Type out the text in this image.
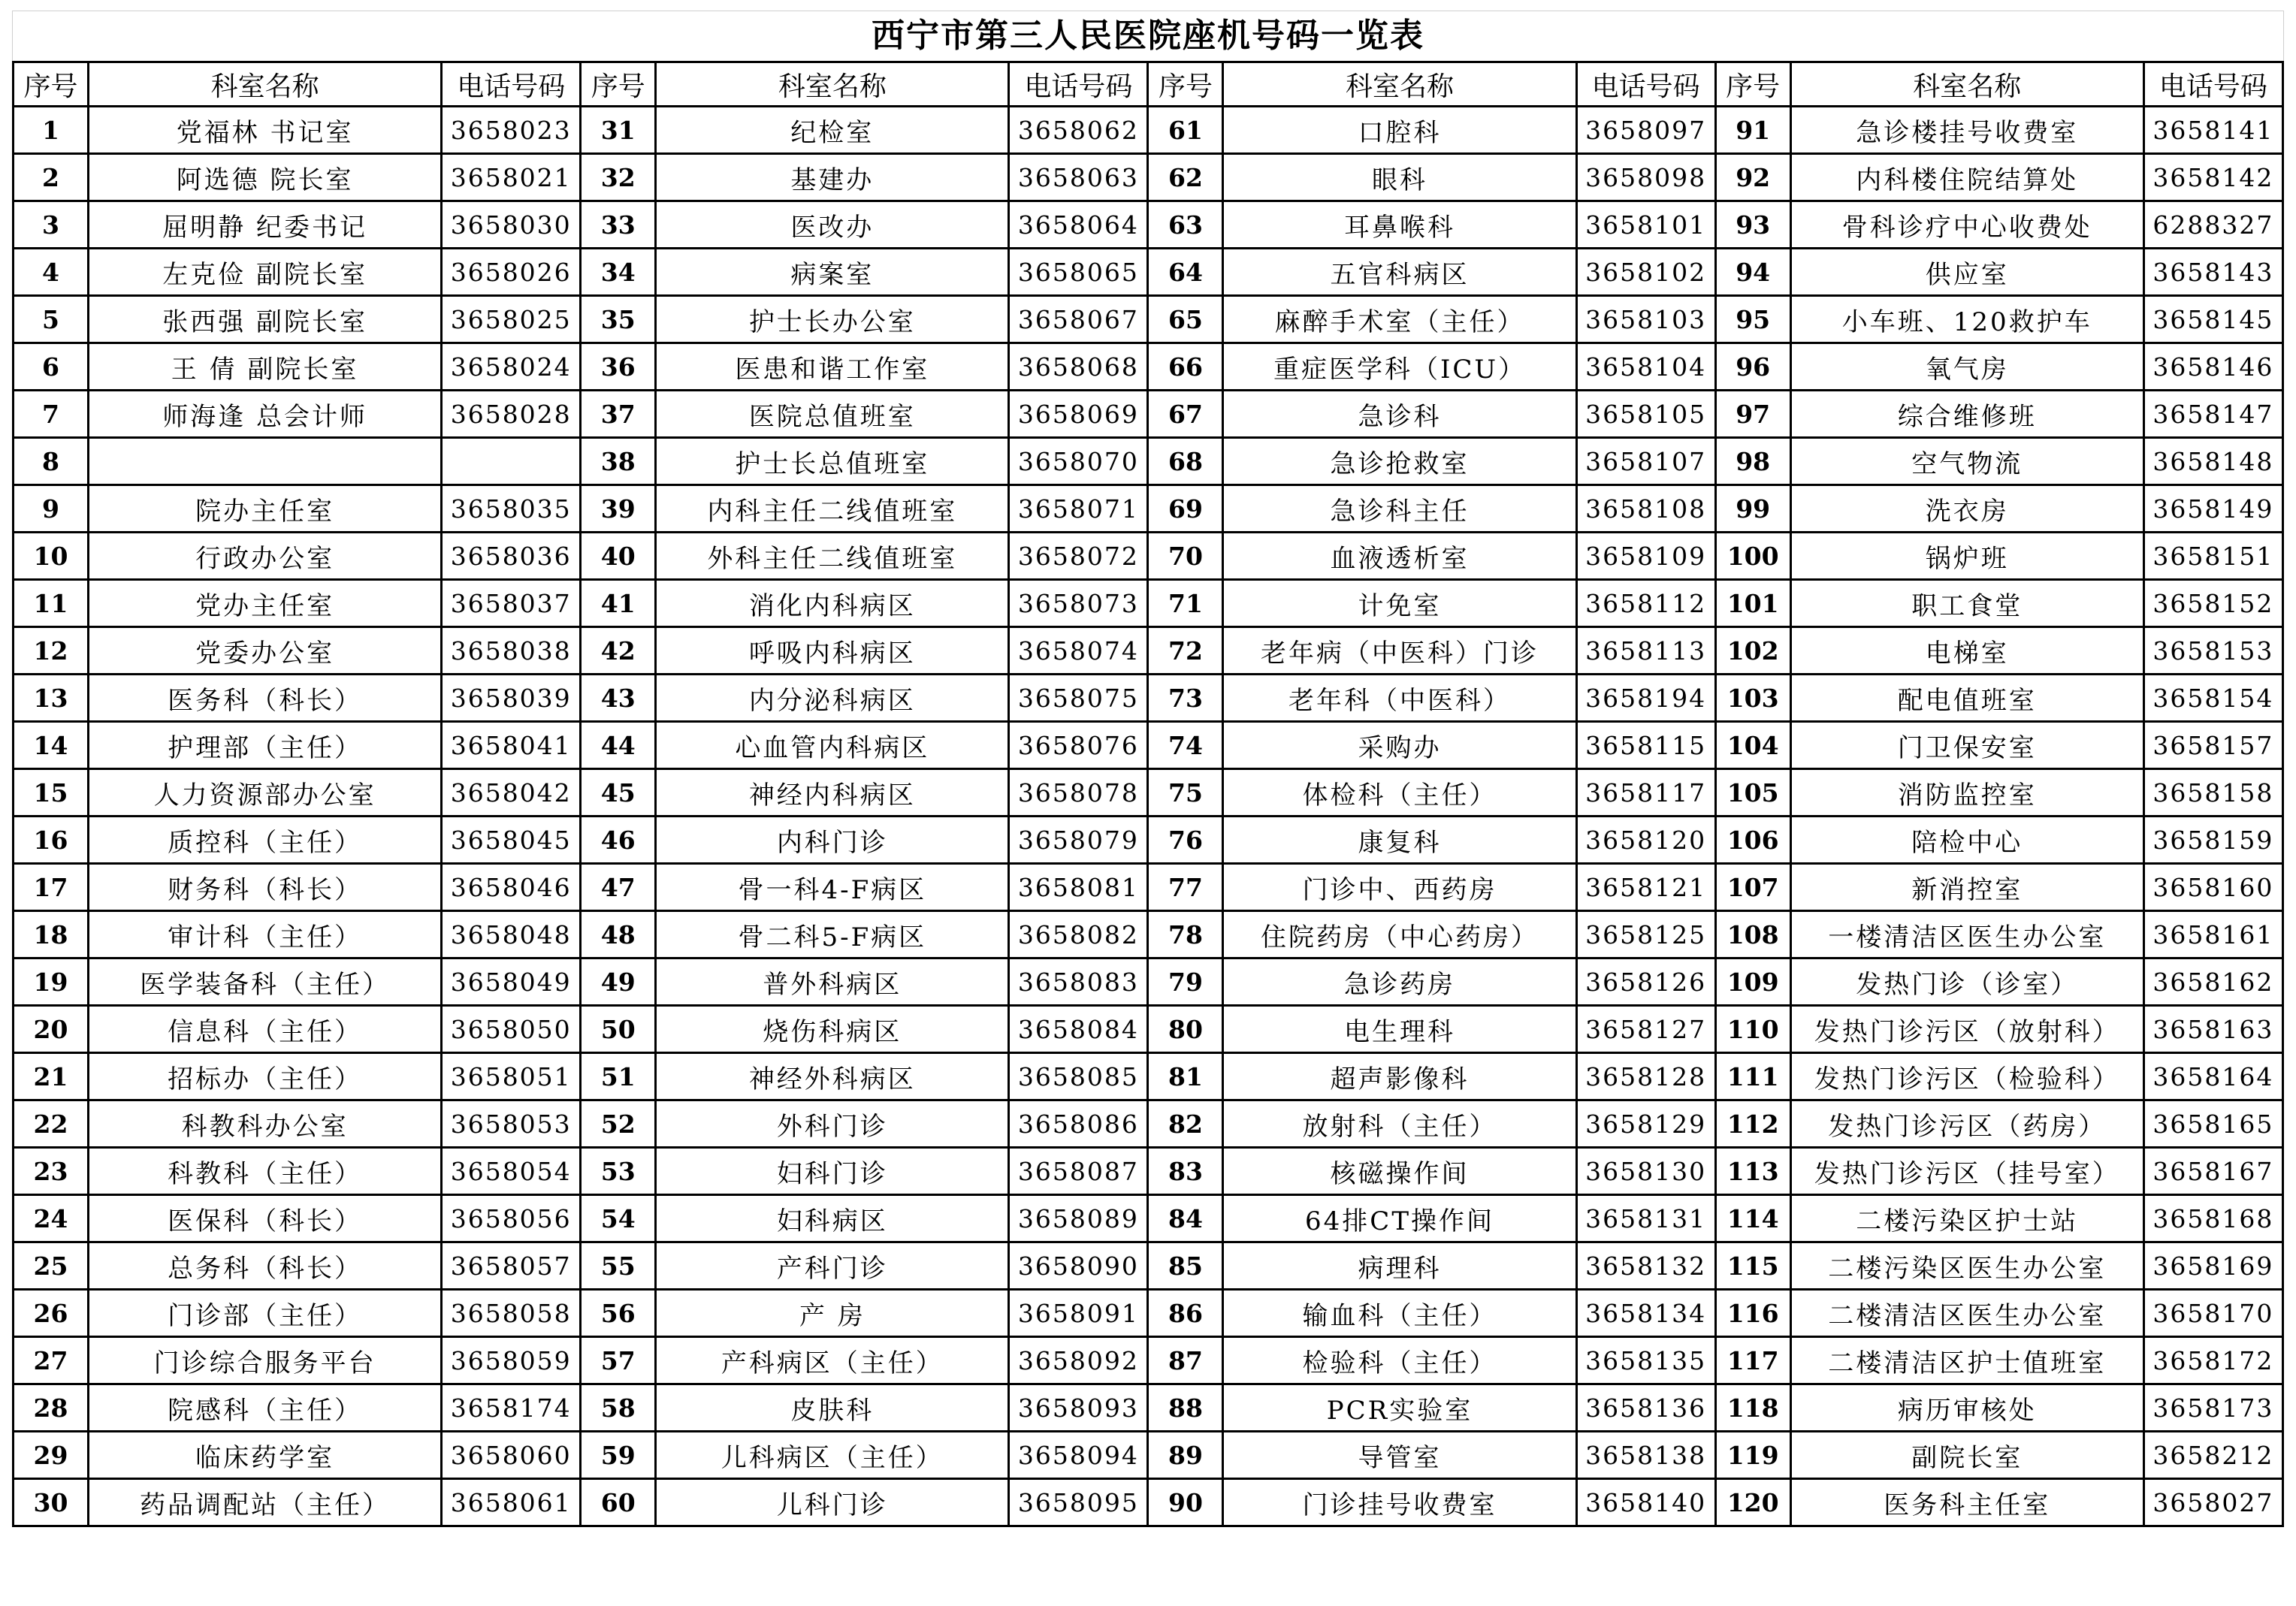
西宁市第三人民医院座机号码一览表
序号	科室名称	电话号码	序号	科室名称	电话号码	序号	科室名称	电话号码	序号	科室名称	电话号码
1	党福林 书记室	3658023	31	纪检室	3658062	61	口腔科	3658097	91	急诊楼挂号收费室	3658141
2	阿选德 院长室	3658021	32	基建办	3658063	62	眼科	3658098	92	内科楼住院结算处	3658142
3	屈明静 纪委书记	3658030	33	医改办	3658064	63	耳鼻喉科	3658101	93	骨科诊疗中心收费处	6288327
4	左克俭 副院长室	3658026	34	病案室	3658065	64	五官科病区	3658102	94	供应室	3658143
5	张西强 副院长室	3658025	35	护士长办公室	3658067	65	麻醉手术室（主任）	3658103	95	小车班、120救护车	3658145
6	王 倩 副院长室	3658024	36	医患和谐工作室	3658068	66	重症医学科（ICU）	3658104	96	氧气房	3658146
7	师海逢 总会计师	3658028	37	医院总值班室	3658069	67	急诊科	3658105	97	综合维修班	3658147
8			38	护士长总值班室	3658070	68	急诊抢救室	3658107	98	空气物流	3658148
9	院办主任室	3658035	39	内科主任二线值班室	3658071	69	急诊科主任	3658108	99	洗衣房	3658149
10	行政办公室	3658036	40	外科主任二线值班室	3658072	70	血液透析室	3658109	100	锅炉班	3658151
11	党办主任室	3658037	41	消化内科病区	3658073	71	计免室	3658112	101	职工食堂	3658152
12	党委办公室	3658038	42	呼吸内科病区	3658074	72	老年病（中医科）门诊	3658113	102	电梯室	3658153
13	医务科（科长）	3658039	43	内分泌科病区	3658075	73	老年科（中医科）	3658194	103	配电值班室	3658154
14	护理部（主任）	3658041	44	心血管内科病区	3658076	74	采购办	3658115	104	门卫保安室	3658157
15	人力资源部办公室	3658042	45	神经内科病区	3658078	75	体检科（主任）	3658117	105	消防监控室	3658158
16	质控科（主任）	3658045	46	内科门诊	3658079	76	康复科	3658120	106	陪检中心	3658159
17	财务科（科长）	3658046	47	骨一科4-F病区	3658081	77	门诊中、西药房	3658121	107	新消控室	3658160
18	审计科（主任）	3658048	48	骨二科5-F病区	3658082	78	住院药房（中心药房）	3658125	108	一楼清洁区医生办公室	3658161
19	医学装备科（主任）	3658049	49	普外科病区	3658083	79	急诊药房	3658126	109	发热门诊（诊室）	3658162
20	信息科（主任）	3658050	50	烧伤科病区	3658084	80	电生理科	3658127	110	发热门诊污区（放射科）	3658163
21	招标办（主任）	3658051	51	神经外科病区	3658085	81	超声影像科	3658128	111	发热门诊污区（检验科）	3658164
22	科教科办公室	3658053	52	外科门诊	3658086	82	放射科（主任）	3658129	112	发热门诊污区（药房）	3658165
23	科教科（主任）	3658054	53	妇科门诊	3658087	83	核磁操作间	3658130	113	发热门诊污区（挂号室）	3658167
24	医保科（科长）	3658056	54	妇科病区	3658089	84	64排CT操作间	3658131	114	二楼污染区护士站	3658168
25	总务科（科长）	3658057	55	产科门诊	3658090	85	病理科	3658132	115	二楼污染区医生办公室	3658169
26	门诊部（主任）	3658058	56	产 房	3658091	86	输血科（主任）	3658134	116	二楼清洁区医生办公室	3658170
27	门诊综合服务平台	3658059	57	产科病区（主任）	3658092	87	检验科（主任）	3658135	117	二楼清洁区护士值班室	3658172
28	院感科（主任）	3658174	58	皮肤科	3658093	88	PCR实验室	3658136	118	病历审核处	3658173
29	临床药学室	3658060	59	儿科病区（主任）	3658094	89	导管室	3658138	119	副院长室	3658212
30	药品调配站（主任）	3658061	60	儿科门诊	3658095	90	门诊挂号收费室	3658140	120	医务科主任室	3658027
